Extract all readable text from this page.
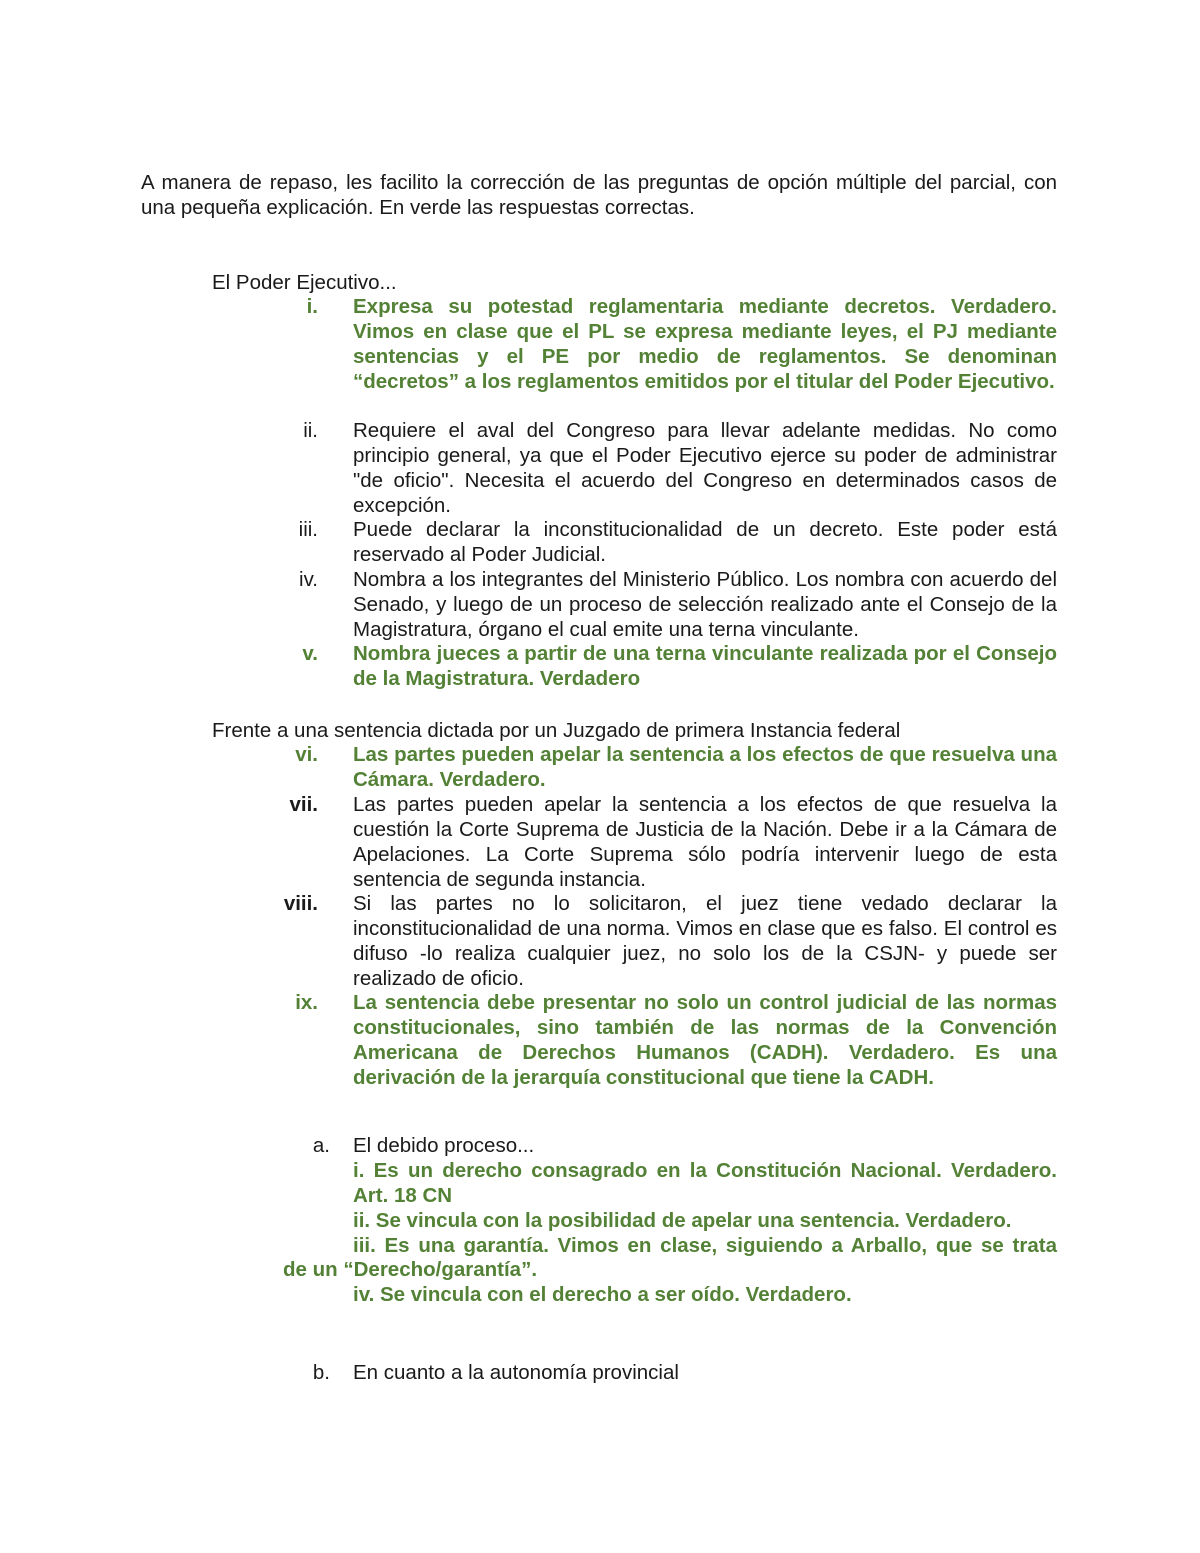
A manera de repaso, les facilito la corrección de las preguntas de opción múltiple del parcial, con una pequeña explicación. En verde las respuestas correctas.

El Poder Ejecutivo...
i. Expresa su potestad reglamentaria mediante decretos. Verdadero. Vimos en clase que el PL se expresa mediante leyes, el PJ mediante sentencias y el PE por medio de reglamentos. Se denominan “decretos” a los reglamentos emitidos por el titular del Poder Ejecutivo.
ii. Requiere el aval del Congreso para llevar adelante medidas. No como principio general, ya que el Poder Ejecutivo ejerce su poder de administrar "de oficio". Necesita el acuerdo del Congreso en determinados casos de excepción.
iii. Puede declarar la inconstitucionalidad de un decreto. Este poder está reservado al Poder Judicial.
iv. Nombra a los integrantes del Ministerio Público. Los nombra con acuerdo del Senado, y luego de un proceso de selección realizado ante el Consejo de la Magistratura, órgano el cual emite una terna vinculante.
v. Nombra jueces a partir de una terna vinculante realizada por el Consejo de la Magistratura. Verdadero
Frente a una sentencia dictada por un Juzgado de primera Instancia federal
vi. Las partes pueden apelar la sentencia a los efectos de que resuelva una Cámara. Verdadero.
vii. Las partes pueden apelar la sentencia a los efectos de que resuelva la cuestión la Corte Suprema de Justicia de la Nación. Debe ir a la Cámara de Apelaciones. La Corte Suprema sólo podría intervenir luego de esta sentencia de segunda instancia.
viii. Si las partes no lo solicitaron, el juez tiene vedado declarar la inconstitucionalidad de una norma. Vimos en clase que es falso. El control es difuso -lo realiza cualquier juez, no solo los de la CSJN- y puede ser realizado de oficio.
ix. La sentencia debe presentar no solo un control judicial de las normas constitucionales, sino también de las normas de la Convención Americana de Derechos Humanos (CADH). Verdadero. Es una derivación de la jerarquía constitucional que tiene la CADH.
a. El debido proceso...
i. Es un derecho consagrado en la Constitución Nacional. Verdadero. Art. 18 CN
ii. Se vincula con la posibilidad de apelar una sentencia. Verdadero.
iii. Es una garantía. Vimos en clase, siguiendo a Arballo, que se trata
de un “Derecho/garantía”.
iv. Se vincula con el derecho a ser oído. Verdadero.
b. En cuanto a la autonomía provincial
